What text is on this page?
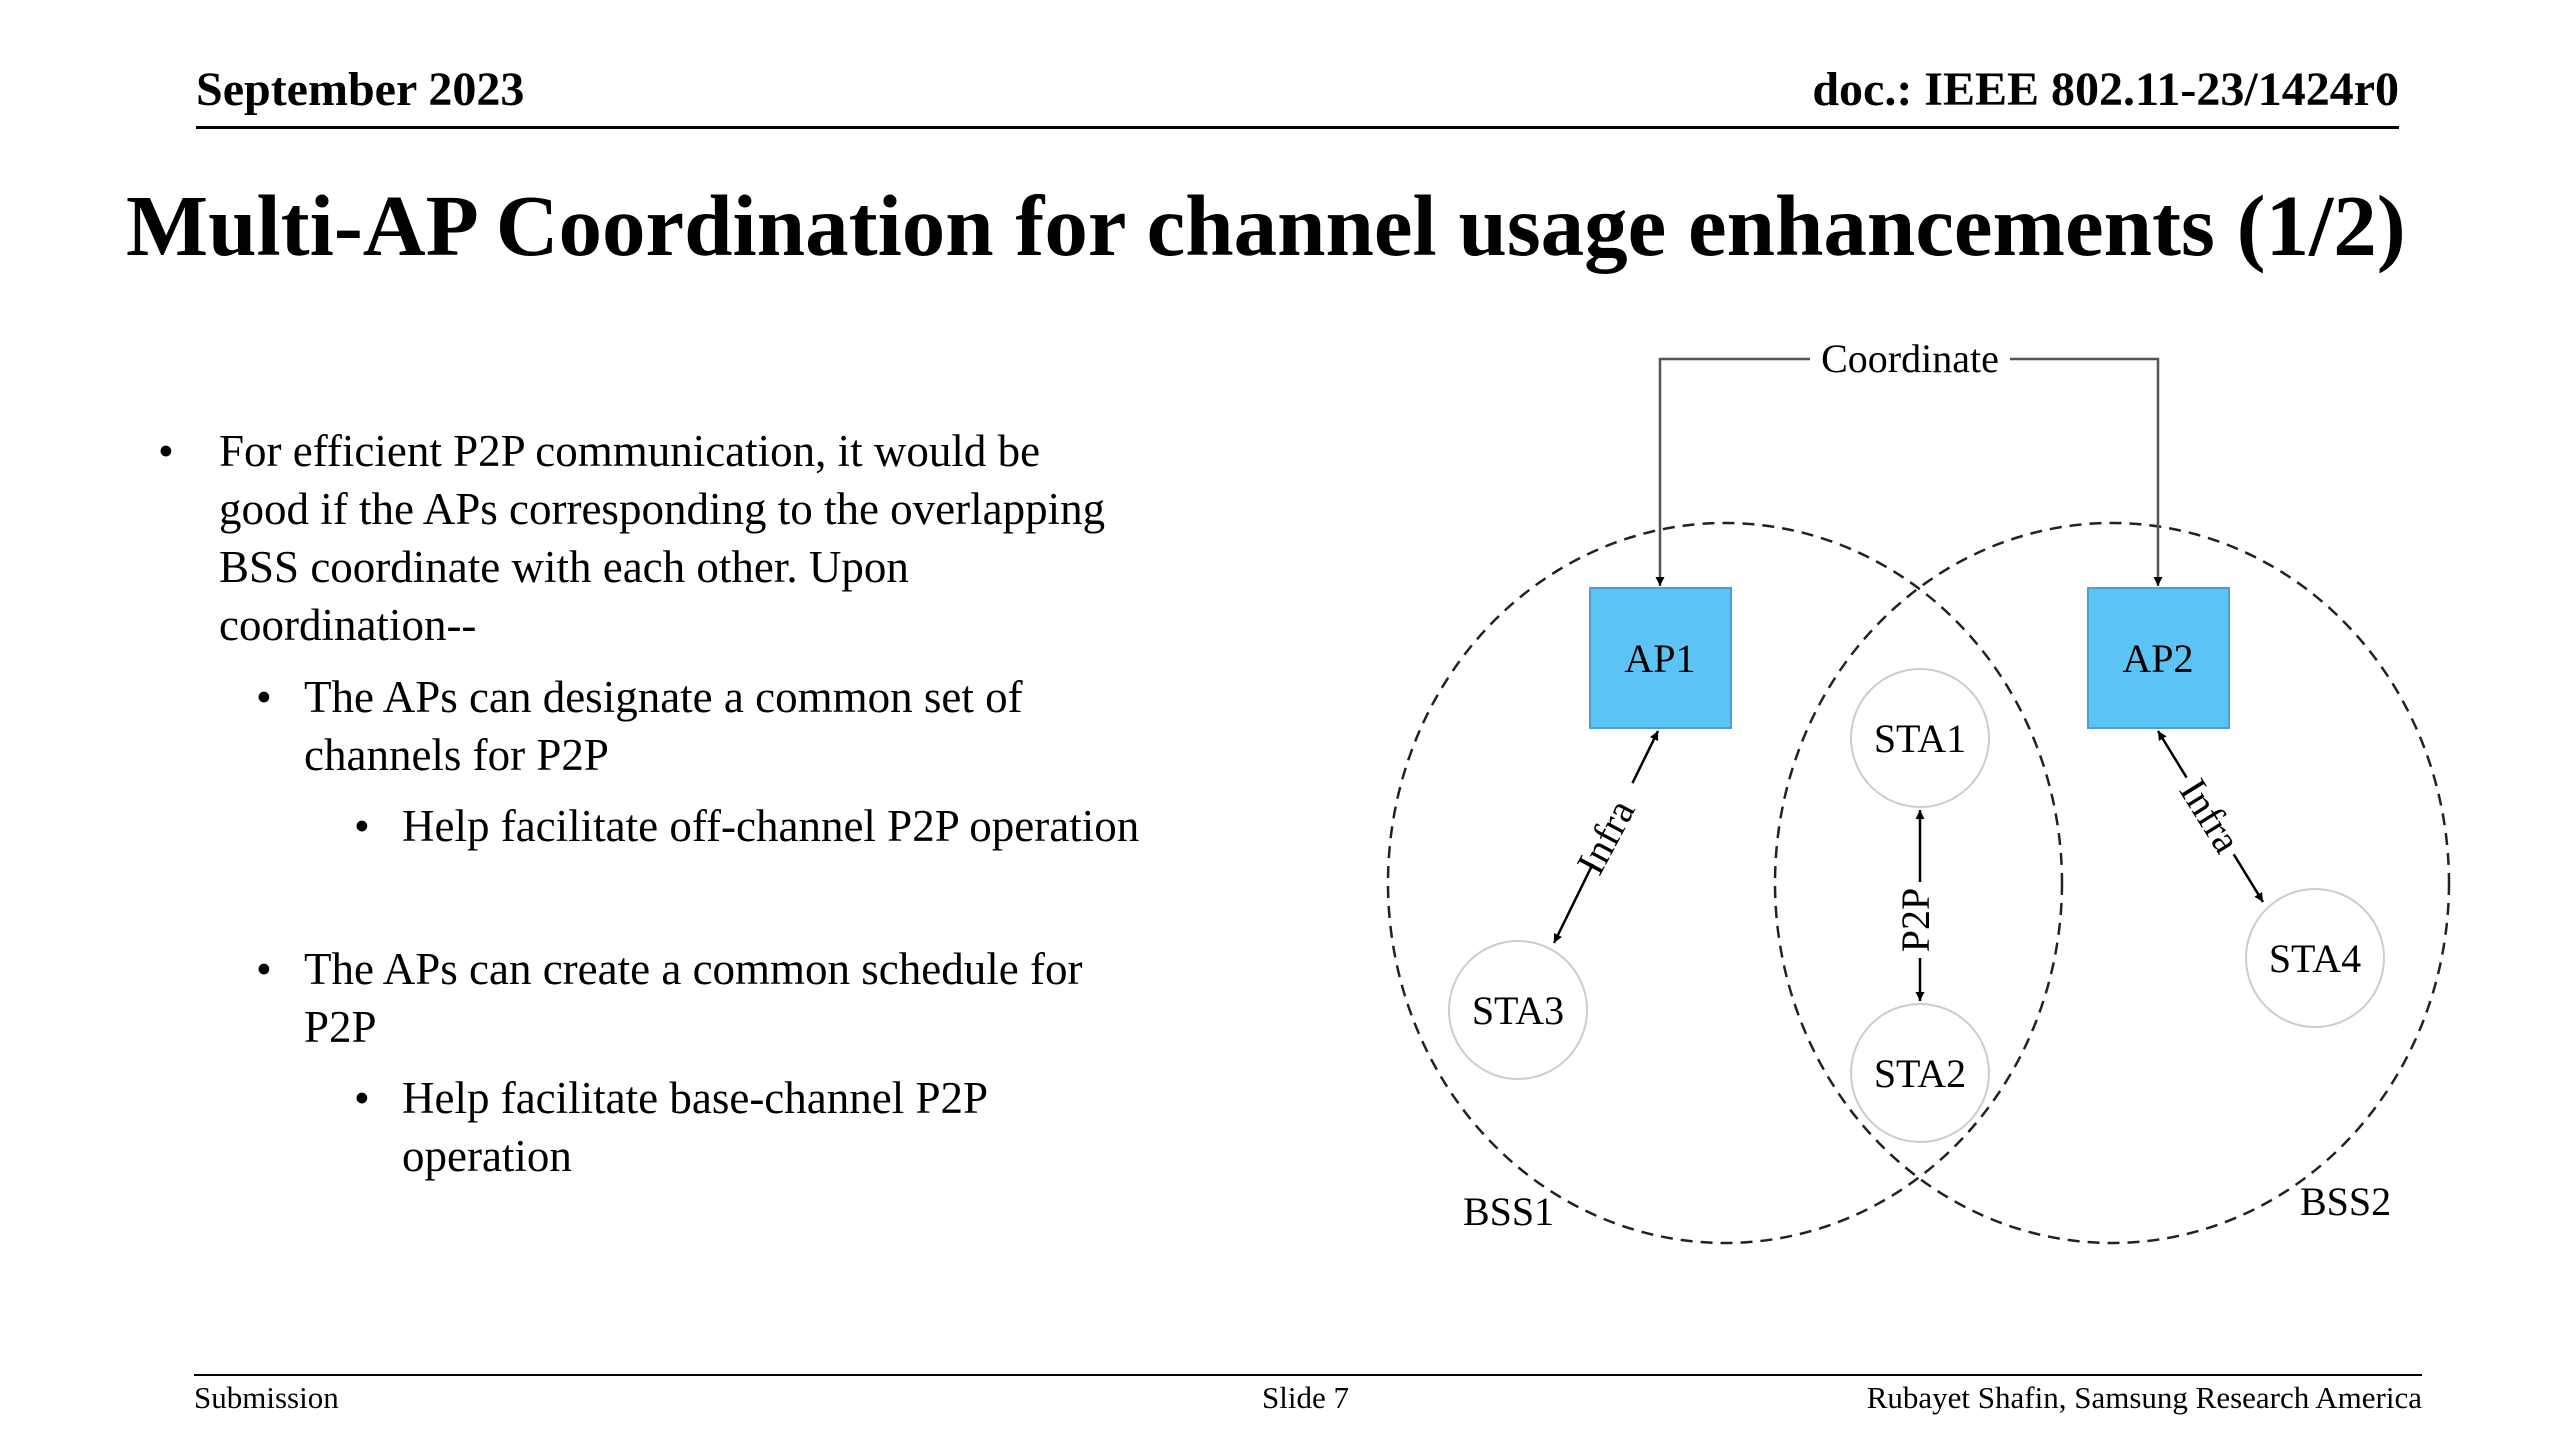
September 2023	doc.: IEEE 802.11-23/1424r0
Multi-AP Coordination for channel usage enhancements (1/2)
• For efficient P2P communication, it would be
good if the APs corresponding to the overlapping
BSS coordinate with each other. Upon
coordination--
• The APs can designate a common set of
channels for P2P
• Help facilitate off-channel P2P operation
• The APs can create a common schedule for
P2P
• Help facilitate base-channel P2P
operation
Coordinate
AP1	AP2
STA1
STA2
STA3
STA4
Infra	Infra
P2P
BSS1	BSS2
Submission	Slide 7	Rubayet Shafin, Samsung Research America
